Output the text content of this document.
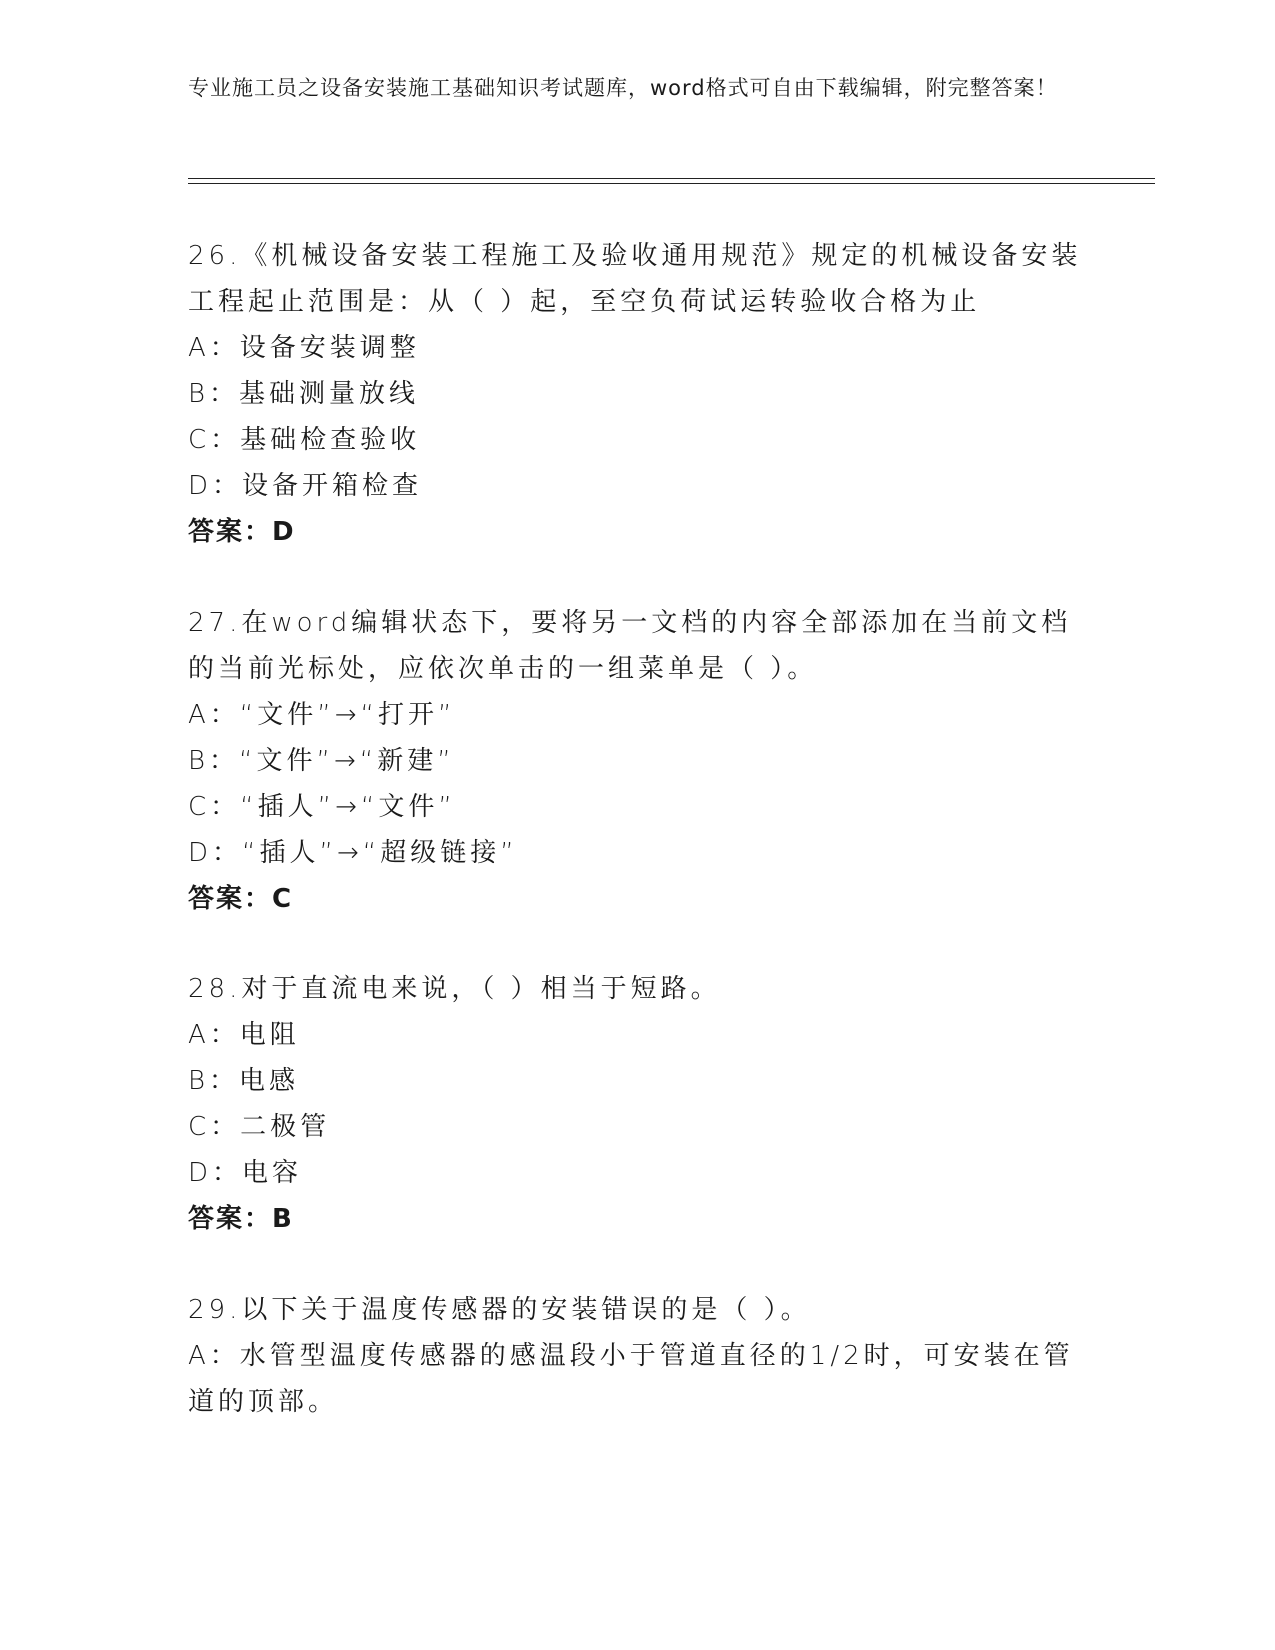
专业施工员之设备安装施工基础知识考试题库，word格式可自由下载编辑，附完整答案！

26.《机械设备安装工程施工及验收通用规范》规定的机械设备安装工程起止范围是：从（ ）起，至空负荷试运转验收合格为止

A：设备安装调整

B：基础测量放线

C：基础检查验收

D：设备开箱检查

答案：D

27.在word编辑状态下，要将另一文档的内容全部添加在当前文档的当前光标处，应依次单击的一组菜单是（ ）。

A：“文件”→“打开”

B：“文件”→“新建”

C：“插人”→“文件”

D：“插人”→“超级链接”

答案：C

28.对于直流电来说，（ ）相当于短路。

A：电阻

B：电感

C：二极管

D：电容

答案：B

29.以下关于温度传感器的安装错误的是（ ）。

A：水管型温度传感器的感温段小于管道直径的1/2时，可安装在管道的顶部。
